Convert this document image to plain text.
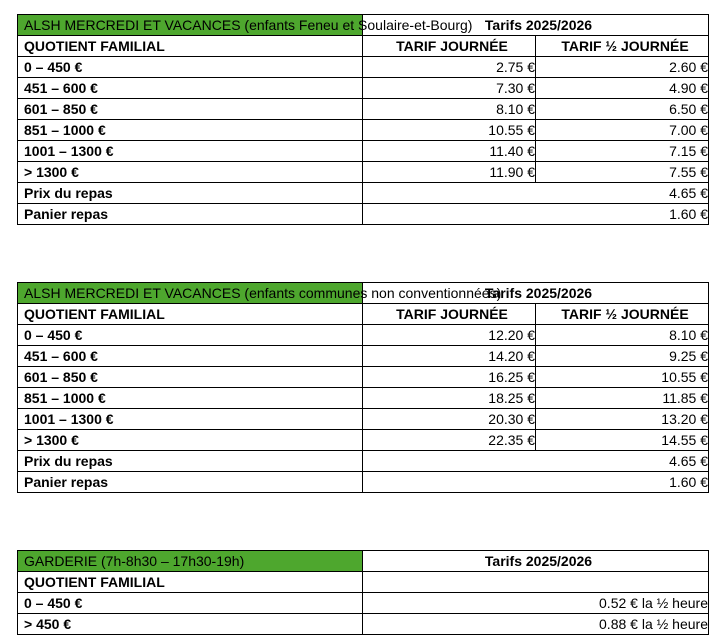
ALSH MERCREDI ET VACANCES (enfants Feneu et Soulaire-et-Bourg)	Tarifs 2025/2026	
QUOTIENT FAMILIAL	TARIF JOURNÉE	TARIF ½ JOURNÉE
0 – 450 €	2.75 €	2.60 €
451 – 600 €	7.30 €	4.90 €
601 – 850 €	8.10 €	6.50 €
851 – 1000 €	10.55 €	7.00 €
1001 – 1300 €	11.40 €	7.15 €
> 1300 €	11.90 €	7.55 €
Prix du repas	4.65 €	
Panier repas	1.60 €	
ALSH MERCREDI ET VACANCES (enfants communes non conventionnées)	Tarifs 2025/2026	
QUOTIENT FAMILIAL	TARIF JOURNÉE	TARIF ½ JOURNÉE
0 – 450 €	12.20 €	8.10 €
451 – 600 €	14.20 €	9.25 €
601 – 850 €	16.25 €	10.55 €
851 – 1000 €	18.25 €	11.85 €
1001 – 1300 €	20.30 €	13.20 €
> 1300 €	22.35 €	14.55 €
Prix du repas	4.65 €	
Panier repas	1.60 €	
GARDERIE (7h-8h30 – 17h30-19h)	Tarifs 2025/2026
QUOTIENT FAMILIAL	
0 – 450 €	0.52 € la ½ heure
> 450 €	0.88 € la ½ heure
